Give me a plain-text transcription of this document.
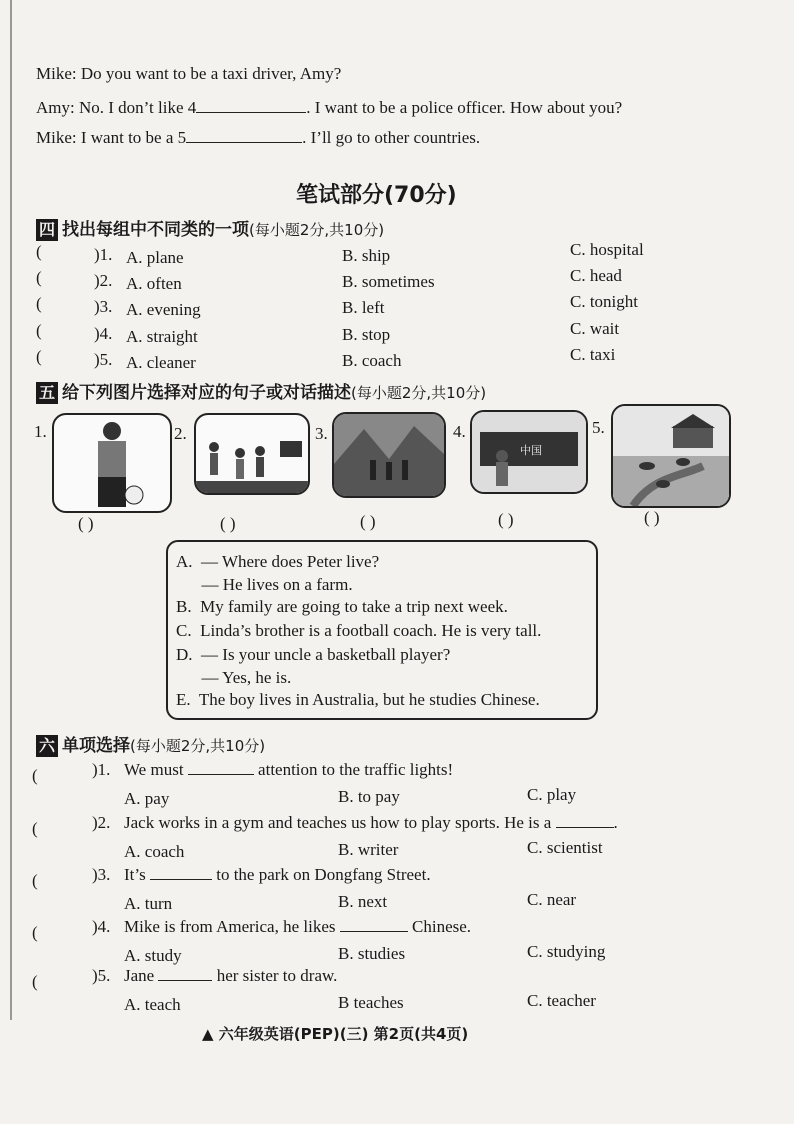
Mike: Do you want to be a taxi driver, Amy?
Amy: No. I don’t like 4	. I want to be a police officer. How about you?
Mike: I want to be a 5	. I’ll go to other countries.
笔试部分(70分)
四 找出每组中不同类的一项(每小题2分,共10分)
(	)1. A. plane	B. ship	C. hospital
(	)2. A. often	B. sometimes	C. head
(	)3. A. evening	B. left	C. tonight
(	)4. A. straight	B. stop	C. wait
(	)5. A. cleaner	B. coach	C. taxi
五 给下列图片选择对应的句子或对话描述(每小题2分,共10分)
1.	2.	3.	4.
中国
5.
( )	( )	( )	( )	( )
A.  — Where does Peter live?
— He lives on a farm.
B.  My family are going to take a trip next week.
C.  Linda’s brother is a football coach. He is very tall.
D.  — Is your uncle a basketball player?
— Yes, he is.
E.  The boy lives in Australia, but he studies Chinese.
六 单项选择(每小题2分,共10分)
(	)1. We must	attention to the traffic lights!
A. pay	B. to pay	C. play
(	)2. Jack works in a gym and teaches us how to play sports. He is a	.
A. coach	B. writer	C. scientist
(	)3. It’s	to the park on Dongfang Street.
A. turn	B. next	C. near
(	)4. Mike is from America, he likes	Chinese.
A. study	B. studies	C. studying
(	)5. Jane	her sister to draw.
A. teach	B teaches	C. teacher
▲ 六年级英语(PEP)(三) 第2页(共4页)
